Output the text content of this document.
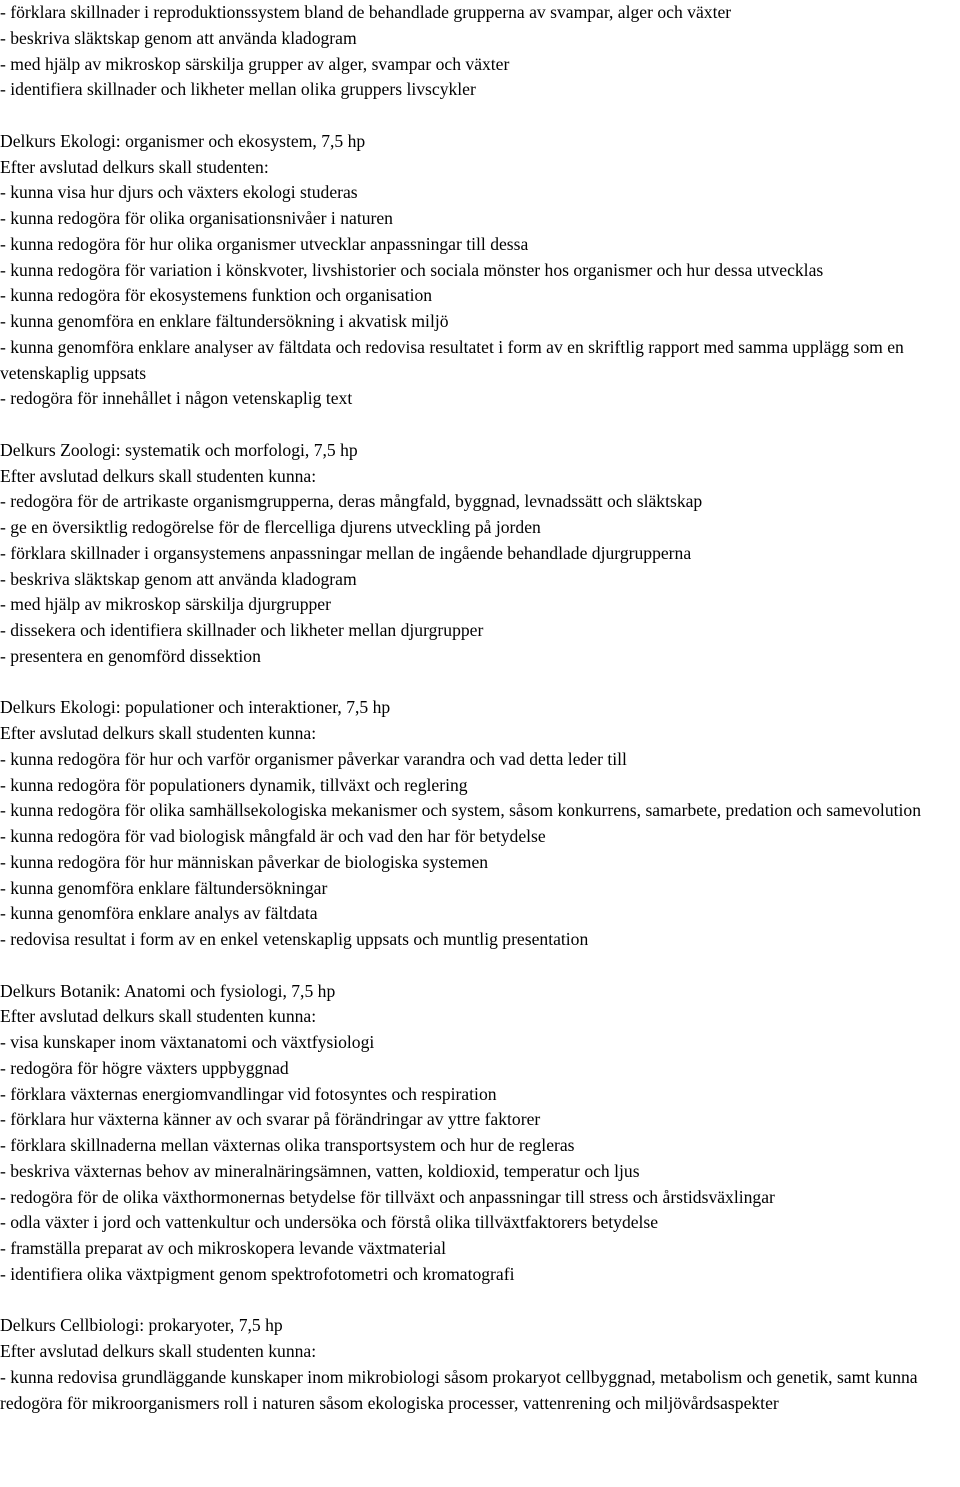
- förklara skillnader i reproduktionssystem bland de behandlade grupperna av svampar, alger och växter

- beskriva släktskap genom att använda kladogram

- med hjälp av mikroskop särskilja grupper av alger, svampar och växter

- identifiera skillnader och likheter mellan olika gruppers livscykler

Delkurs Ekologi: organismer och ekosystem, 7,5 hp

Efter avslutad delkurs skall studenten:

- kunna visa hur djurs och växters ekologi studeras

- kunna redogöra för olika organisationsnivåer i naturen

- kunna redogöra för hur olika organismer utvecklar anpassningar till dessa

- kunna redogöra för variation i könskvoter, livshistorier och sociala mönster hos organismer och hur dessa utvecklas

- kunna redogöra för ekosystemens funktion och organisation

- kunna genomföra en enklare fältundersökning i akvatisk miljö

- kunna genomföra enklare analyser av fältdata och redovisa resultatet i form av en skriftlig rapport med samma upplägg som en vetenskaplig uppsats

- redogöra för innehållet i någon vetenskaplig text

Delkurs Zoologi: systematik och morfologi, 7,5 hp

Efter avslutad delkurs skall studenten kunna:

- redogöra för de artrikaste organismgrupperna, deras mångfald, byggnad, levnadssätt och släktskap

- ge en översiktlig redogörelse för de flercelliga djurens utveckling på jorden

- förklara skillnader i organsystemens anpassningar mellan de ingående behandlade djurgrupperna

- beskriva släktskap genom att använda kladogram

- med hjälp av mikroskop särskilja djurgrupper

- dissekera och identifiera skillnader och likheter mellan djurgrupper

- presentera en genomförd dissektion

Delkurs Ekologi: populationer och interaktioner, 7,5 hp

Efter avslutad delkurs skall studenten kunna:

- kunna redogöra för hur och varför organismer påverkar varandra och vad detta leder till

- kunna redogöra för populationers dynamik, tillväxt och reglering

- kunna redogöra för olika samhällsekologiska mekanismer och system, såsom konkurrens, samarbete, predation och samevolution

- kunna redogöra för vad biologisk mångfald är och vad den har för betydelse

- kunna redogöra för hur människan påverkar de biologiska systemen

- kunna genomföra enklare fältundersökningar

- kunna genomföra enklare analys av fältdata

- redovisa resultat i form av en enkel vetenskaplig uppsats och muntlig presentation

Delkurs Botanik: Anatomi och fysiologi, 7,5 hp

Efter avslutad delkurs skall studenten kunna:

- visa kunskaper inom växtanatomi och växtfysiologi

- redogöra för högre växters uppbyggnad

- förklara växternas energiomvandlingar vid fotosyntes och respiration

- förklara hur växterna känner av och svarar på förändringar av yttre faktorer

- förklara skillnaderna mellan växternas olika transportsystem och hur de regleras

- beskriva växternas behov av mineralnäringsämnen, vatten, koldioxid, temperatur och ljus

- redogöra för de olika växthormonernas betydelse för tillväxt och anpassningar till stress och årstidsväxlingar

- odla växter i jord och vattenkultur och undersöka och förstå olika tillväxtfaktorers betydelse

- framställa preparat av och mikroskopera levande växtmaterial

- identifiera olika växtpigment genom spektrofotometri och kromatografi

Delkurs Cellbiologi: prokaryoter, 7,5 hp

Efter avslutad delkurs skall studenten kunna:

- kunna redovisa grundläggande kunskaper inom mikrobiologi såsom prokaryot cellbyggnad, metabolism och genetik, samt kunna redogöra för mikroorganismers roll i naturen såsom ekologiska processer, vattenrening och miljövårdsaspekter
